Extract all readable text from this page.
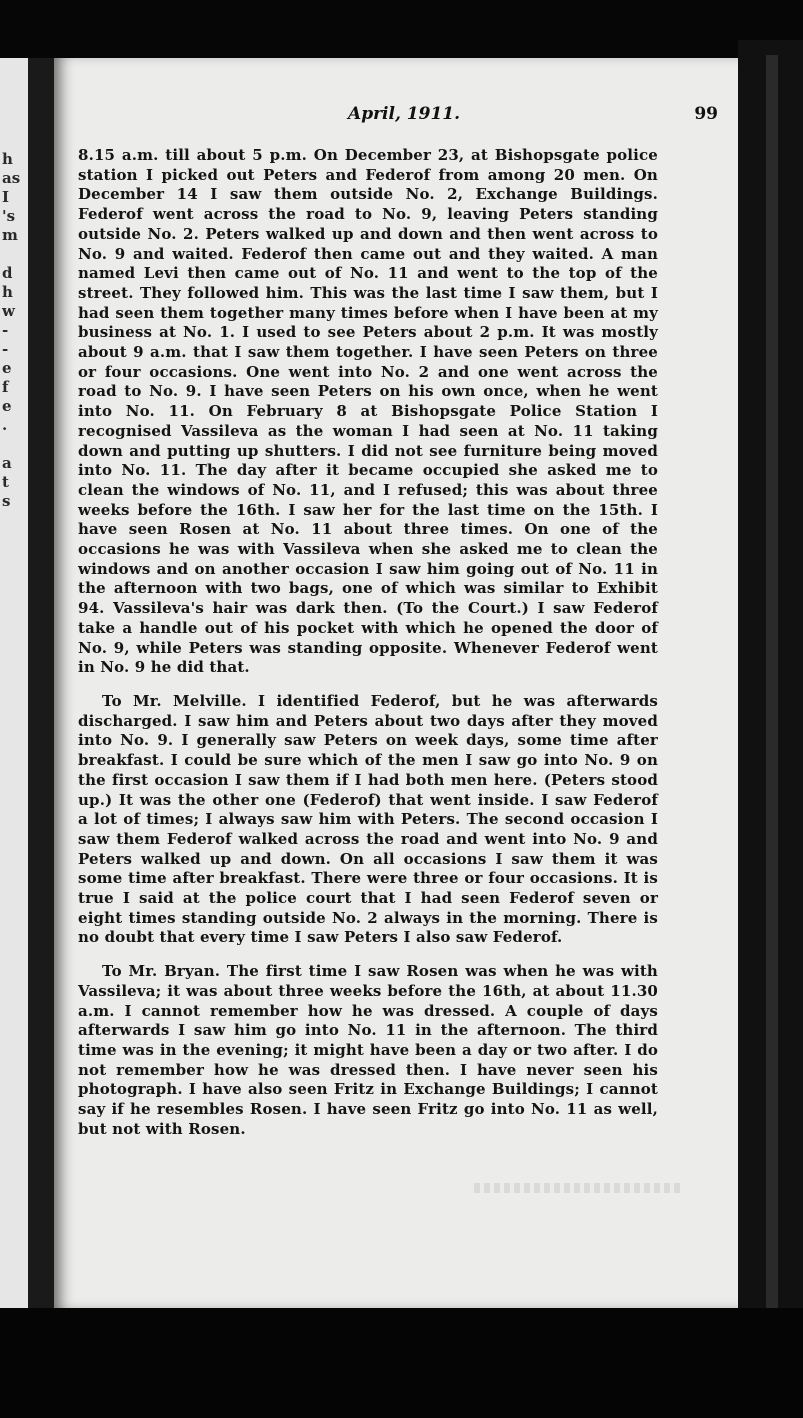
h
as
I
's
m
d
h
w
-
-
e
f
e
.
a
t
s
April, 1911.	99

8.15 a.m. till about 5 p.m. On December 23, at Bishopsgate police station I picked out Peters and Federof from among 20 men. On December 14 I saw them outside No. 2, Exchange Buildings. Federof went across the road to No. 9, leaving Peters standing outside No. 2. Peters walked up and down and then went across to No. 9 and waited. Federof then came out and they waited. A man named Levi then came out of No. 11 and went to the top of the street. They followed him. This was the last time I saw them, but I had seen them together many times before when I have been at my business at No. 1. I used to see Peters about 2 p.m. It was mostly about 9 a.m. that I saw them together. I have seen Peters on three or four occasions. One went into No. 2 and one went across the road to No. 9. I have seen Peters on his own once, when he went into No. 11. On February 8 at Bishopsgate Police Station I recognised Vassileva as the woman I had seen at No. 11 taking down and putting up shutters. I did not see furniture being moved into No. 11. The day after it became occupied she asked me to clean the windows of No. 11, and I refused; this was about three weeks before the 16th. I saw her for the last time on the 15th. I have seen Rosen at No. 11 about three times. On one of the occasions he was with Vassileva when she asked me to clean the windows and on another occasion I saw him going out of No. 11 in the afternoon with two bags, one of which was similar to Exhibit 94. Vassileva's hair was dark then. (To the Court.) I saw Federof take a handle out of his pocket with which he opened the door of No. 9, while Peters was standing opposite. Whenever Federof went in No. 9 he did that.

To Mr. Melville. I identified Federof, but he was afterwards discharged. I saw him and Peters about two days after they moved into No. 9. I generally saw Peters on week days, some time after breakfast. I could be sure which of the men I saw go into No. 9 on the first occasion I saw them if I had both men here. (Peters stood up.) It was the other one (Federof) that went inside. I saw Federof a lot of times; I always saw him with Peters. The second occasion I saw them Federof walked across the road and went into No. 9 and Peters walked up and down. On all occasions I saw them it was some time after breakfast. There were three or four occasions. It is true I said at the police court that I had seen Federof seven or eight times standing outside No. 2 always in the morning. There is no doubt that every time I saw Peters I also saw Federof.

To Mr. Bryan. The first time I saw Rosen was when he was with Vassileva; it was about three weeks before the 16th, at about 11.30 a.m. I cannot remember how he was dressed. A couple of days afterwards I saw him go into No. 11 in the afternoon. The third time was in the evening; it might have been a day or two after. I do not remember how he was dressed then. I have never seen his photograph. I have also seen Fritz in Exchange Buildings; I cannot say if he resembles Rosen. I have seen Fritz go into No. 11 as well, but not with Rosen.
